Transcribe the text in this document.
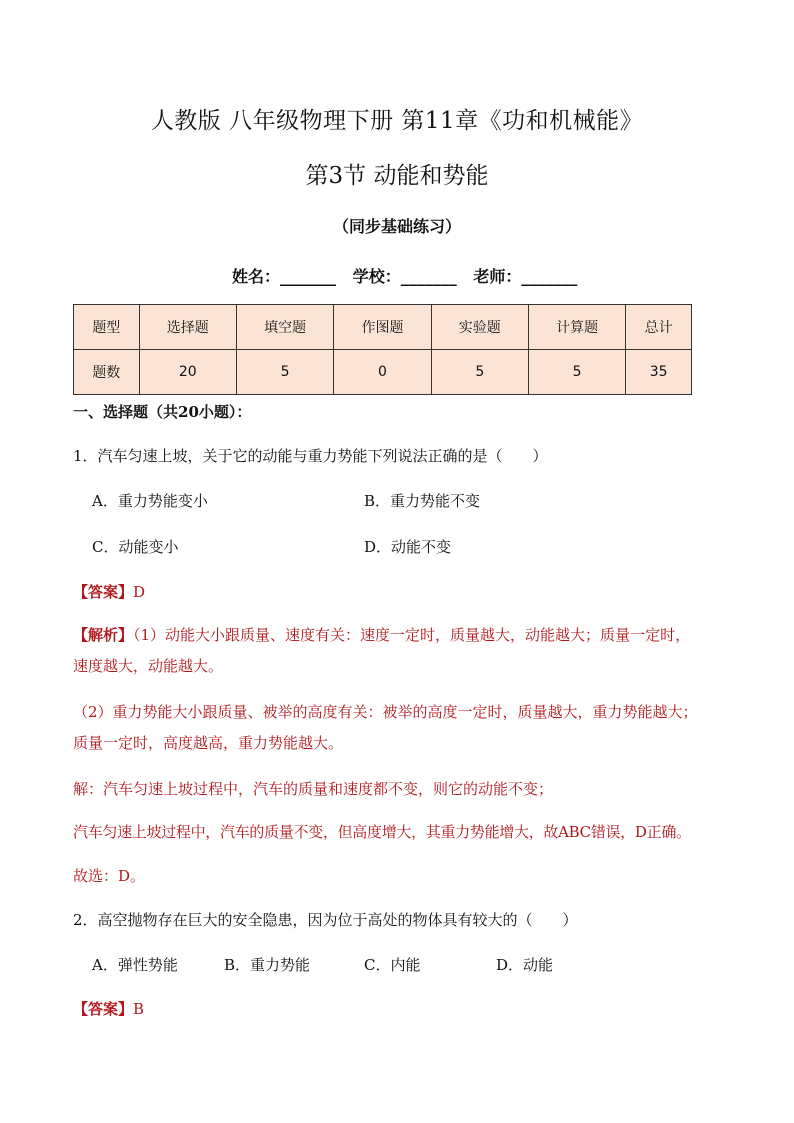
人教版 八年级物理下册 第11章《功和机械能》
第3节 动能和势能
（同步基础练习）
姓名：_______   学校：_______   老师：_______
题型	选择题	填空题	作图题	实验题	计算题	总计
题数	20	5	0	5	5	35
一、选择题（共20小题）：
1．汽车匀速上坡，关于它的动能与重力势能下列说法正确的是（　　）
A．重力势能变小	B．重力势能不变
C．动能变小	D．动能不变
【答案】D
【解析】（1）动能大小跟质量、速度有关：速度一定时，质量越大，动能越大；质量一定时，
速度越大，动能越大。
（2）重力势能大小跟质量、被举的高度有关：被举的高度一定时，质量越大，重力势能越大；
质量一定时，高度越高，重力势能越大。
解：汽车匀速上坡过程中，汽车的质量和速度都不变，则它的动能不变；
汽车匀速上坡过程中，汽车的质量不变，但高度增大，其重力势能增大，故ABC错误，D正确。
故选：D。
2．高空抛物存在巨大的安全隐患，因为位于高处的物体具有较大的（　　）
A．弹性势能	B．重力势能	C．内能	D．动能
【答案】B
